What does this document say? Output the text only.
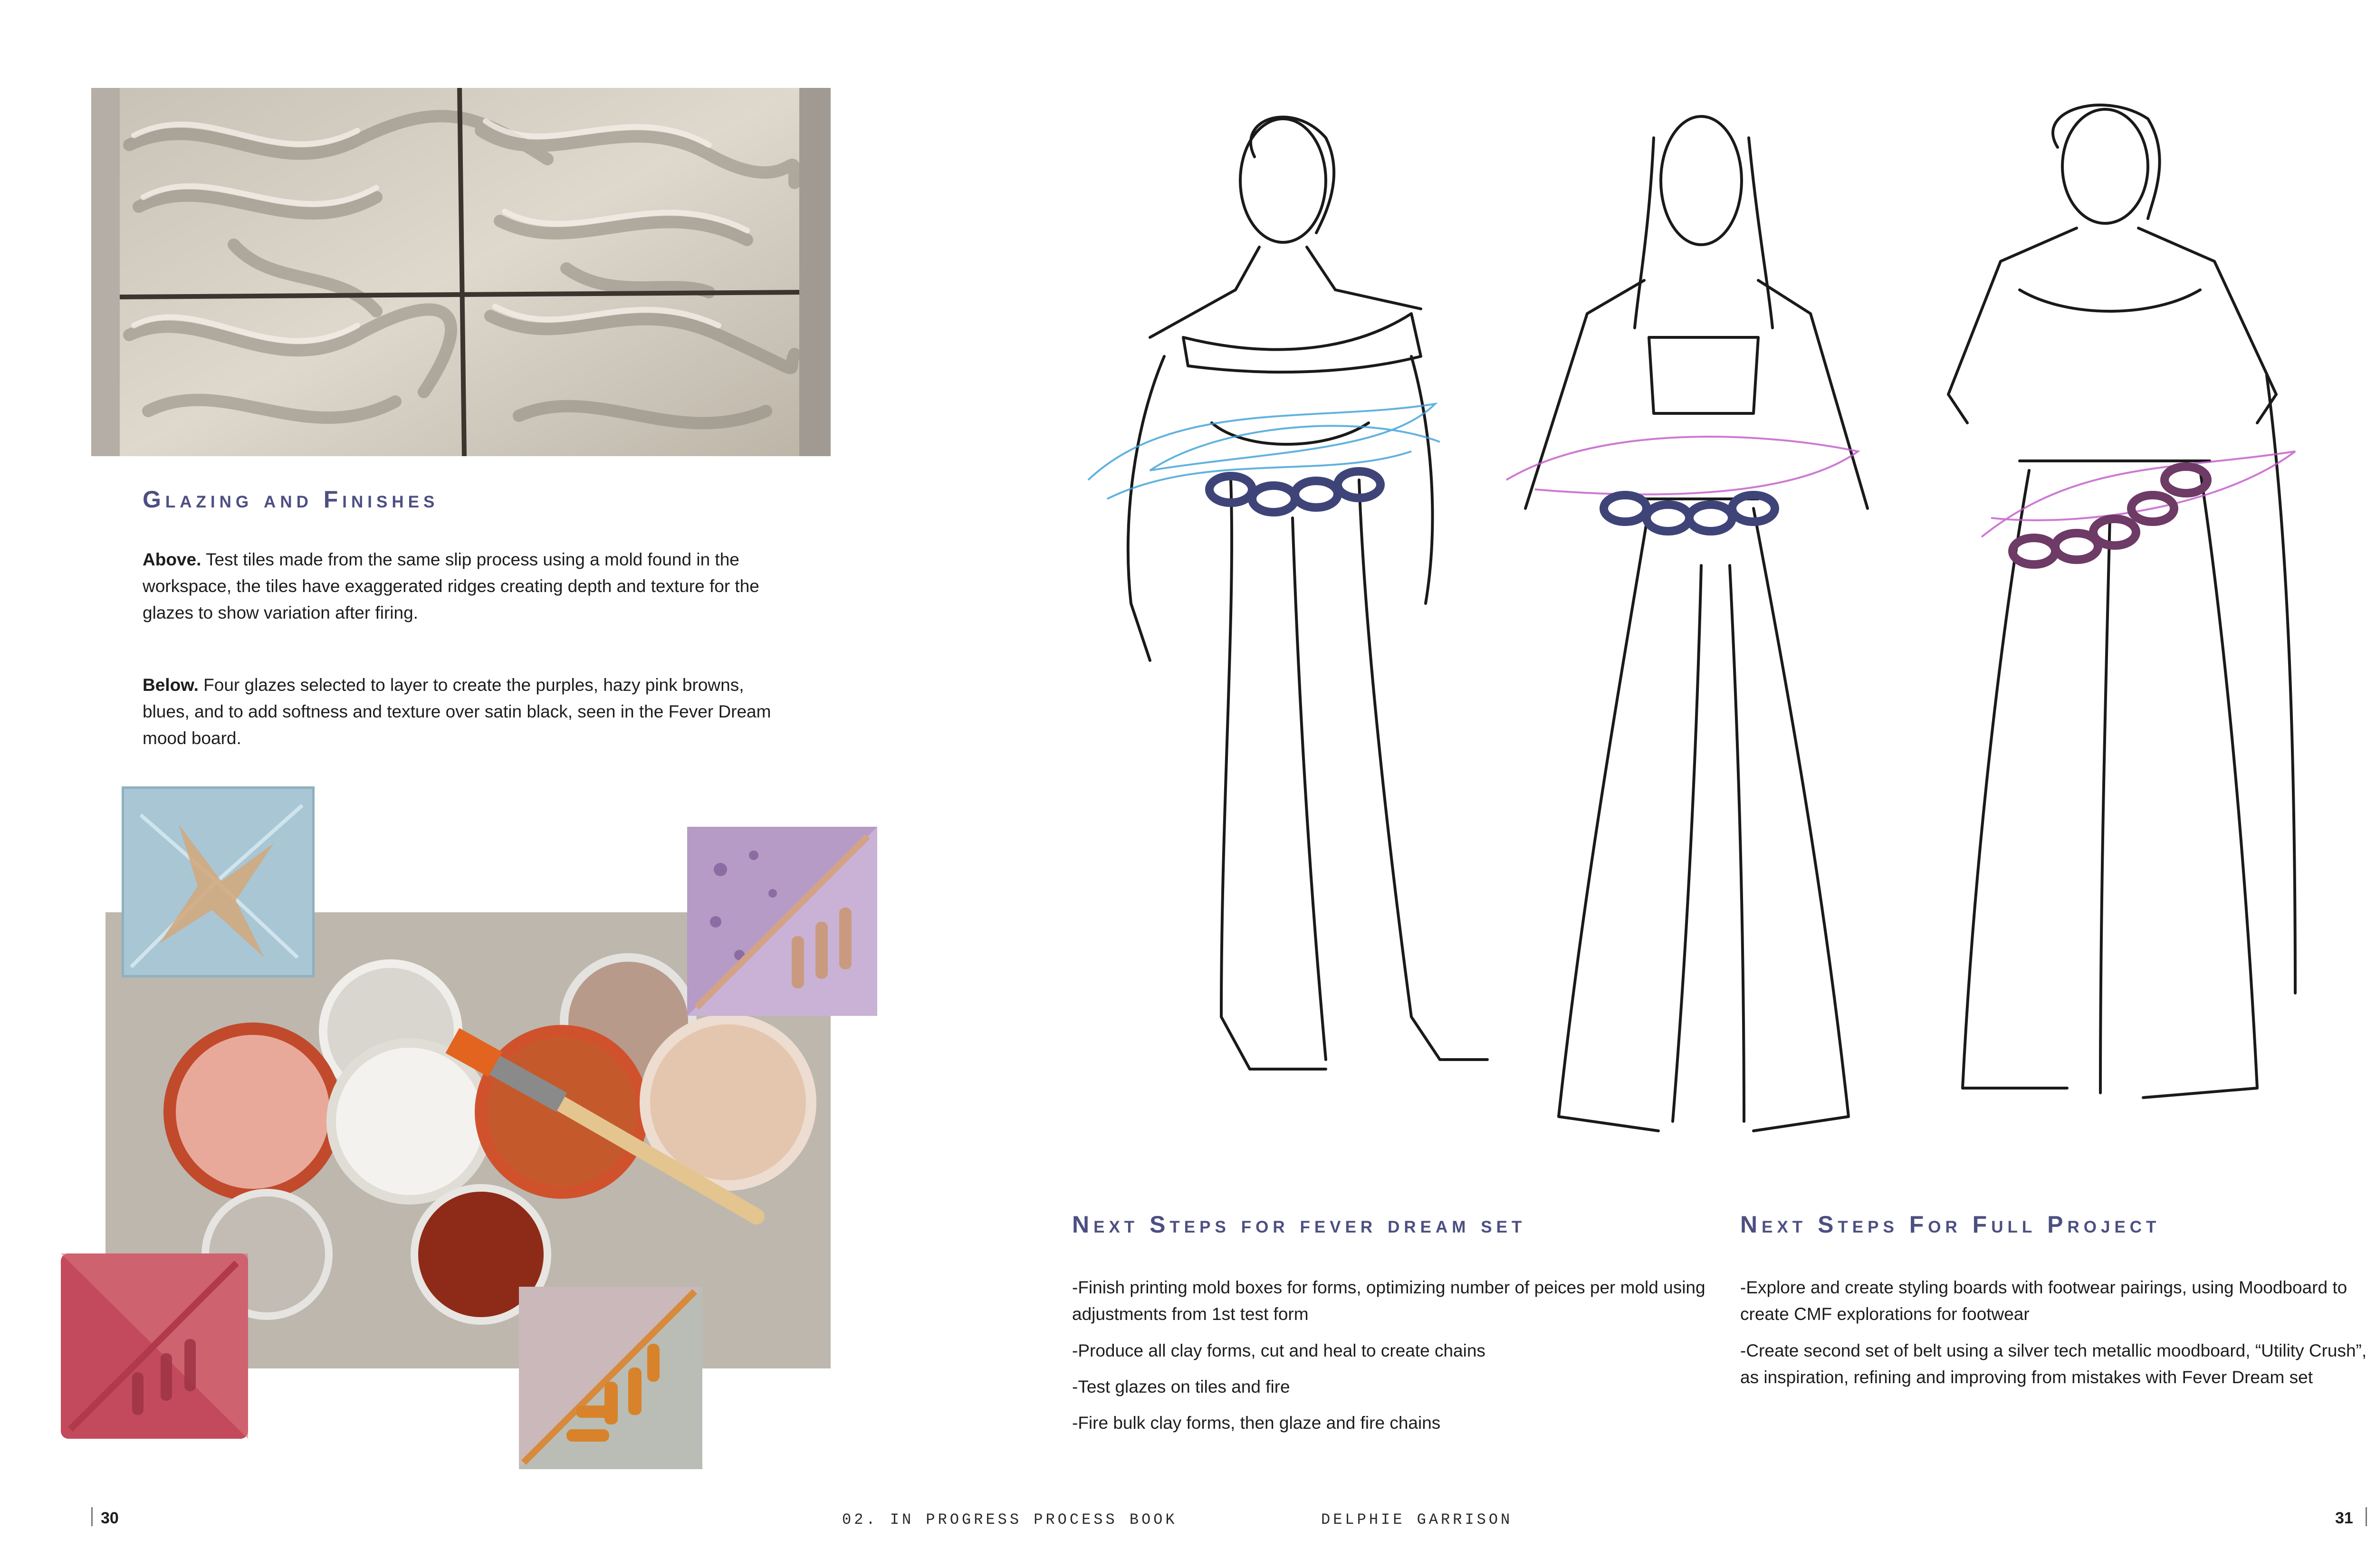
Glazing and Finishes
Above. Test tiles made from the same slip process using a mold found in the workspace, the tiles have exaggerated ridges creating depth and texture for the glazes to show variation after firing.
Below. Four glazes selected to layer to create the purples, hazy pink browns, blues, and to add softness and texture over satin black, seen in the Fever Dream mood board.
30	02. IN PROGRESS PROCESS BOOK
Next Steps for fever dream set
-Finish printing mold boxes for forms, optimizing number of peices per mold using adjustments from 1st test form
-Produce all clay forms, cut and heal to create chains
-Test glazes on tiles and fire
-Fire bulk clay forms, then glaze and fire chains
Next Steps For Full Project
-Explore and create styling boards with footwear pairings, using Moodboard to create CMF explorations for footwear
-Create second set of belt using a silver tech metallic moodboard, “Utility Crush”, as inspiration, refining and improving from mistakes with Fever Dream set
DELPHIE GARRISON	31
